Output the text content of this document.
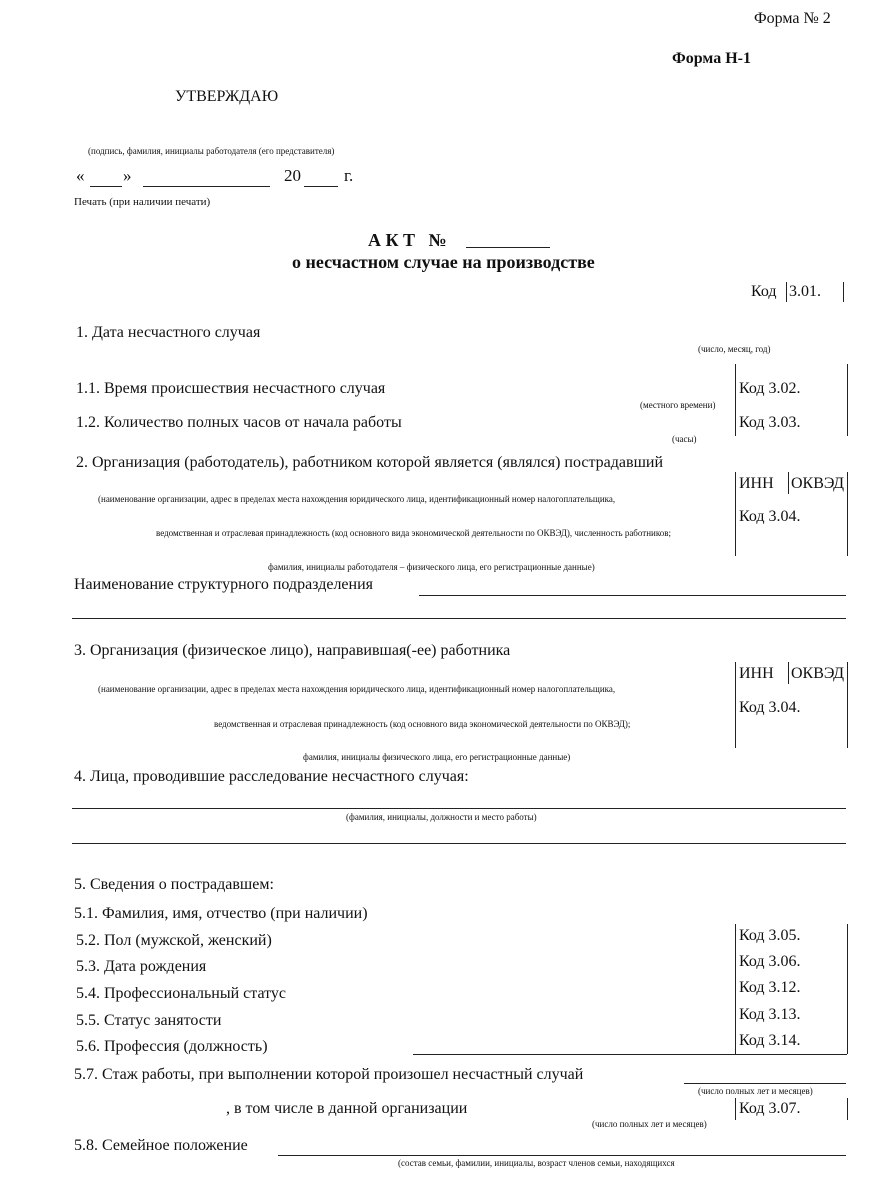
Форма № 2
Форма Н-1
УТВЕРЖДАЮ
(подпись, фамилия, инициалы работодателя (его представителя)
« »	20	г.
Печать (при наличии печати)
А К Т   №
о несчастном случае на производстве
Код 3.01.
1. Дата несчастного случая
(число, месяц, год)
1.1. Время происшествия несчастного случая
(местного времени)
Код 3.02.
1.2. Количество полных часов от начала работы
(часы)
Код 3.03.
2. Организация (работодатель), работником которой является (являлся) пострадавший
ИНН ОКВЭД
(наименование организации, адрес в пределах места нахождения юридического лица, идентификационный номер налогоплательщика,
Код 3.04.
ведомственная и отраслевая принадлежность (код основного вида экономической деятельности по ОКВЭД), численность работников;
фамилия, инициалы работодателя – физического лица, его регистрационные данные)
Наименование структурного подразделения
3. Организация (физическое лицо), направившая(-ее) работника
ИНН ОКВЭД
(наименование организации, адрес в пределах места нахождения юридического лица, идентификационный номер налогоплательщика,
Код 3.04.
ведомственная и отраслевая принадлежность (код основного вида экономической деятельности по ОКВЭД);
фамилия, инициалы физического лица, его регистрационные данные)
4. Лица, проводившие расследование несчастного случая:
(фамилия, инициалы, должности и место работы)
5. Сведения о пострадавшем:
5.1. Фамилия, имя, отчество (при наличии)
5.2. Пол (мужской, женский)	Код 3.05.
5.3. Дата рождения	Код 3.06.
5.4. Профессиональный статус	Код 3.12.
5.5. Статус занятости	Код 3.13.
5.6. Профессия (должность)	Код 3.14.
5.7. Стаж работы, при выполнении которой произошел несчастный случай
(число полных лет и месяцев)
, в том числе в данной организации	Код 3.07.
(число полных лет и месяцев)
5.8. Семейное положение
(состав семьи, фамилии, инициалы, возраст членов семьи, находящихся
